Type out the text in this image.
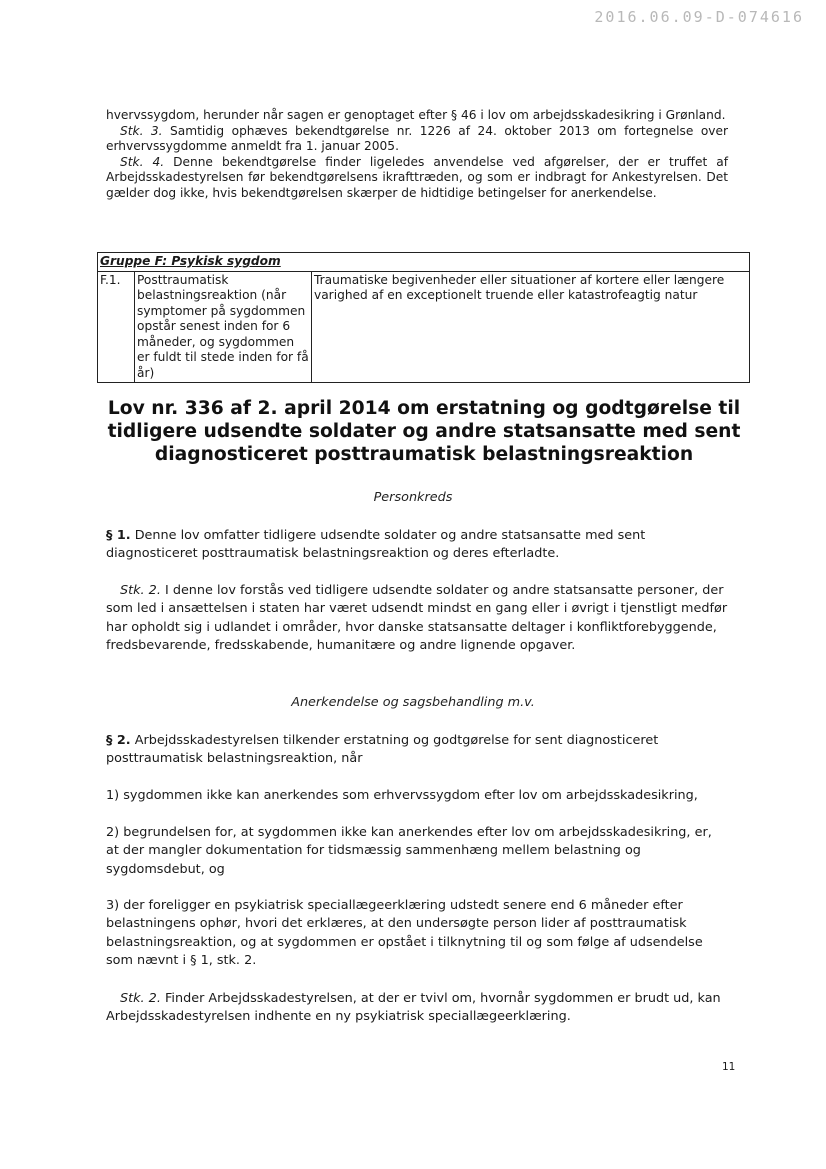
2016.06.09-D-074616

hvervssygdom, herunder når sagen er genoptaget efter § 46 i lov om arbejdsskadesikring i Grønland.

Stk. 3. Samtidig ophæves bekendtgørelse nr. 1226 af 24. oktober 2013 om fortegnelse over erhvervssygdomme anmeldt fra 1. januar 2005.

Stk. 4. Denne bekendtgørelse finder ligeledes anvendelse ved afgørelser, der er truffet af Arbejdsskadestyrelsen før bekendtgørelsens ikrafttræden, og som er indbragt for Ankestyrelsen. Det gælder dog ikke, hvis bekendtgørelsen skærper de hidtidige betingelser for anerkendelse.

Gruppe F: Psykisk sygdom
F.1.	Posttraumatisk belastningsreaktion (når symptomer på sygdommen opstår senest inden for 6 måneder, og sygdommen er fuldt til stede inden for få år)	Traumatiske begivenheder eller situationer af kortere eller længere varighed af en exceptionelt truende eller katastrofeagtig natur
Lov nr. 336 af 2. april 2014 om erstatning og godtgørelse til tidligere udsendte soldater og andre statsansatte med sent diagnosticeret posttraumatisk belastningsreaktion
Personkreds

§ 1. Denne lov omfatter tidligere udsendte soldater og andre statsansatte med sent diagnosticeret posttraumatisk belastningsreaktion og deres efterladte.

Stk. 2. I denne lov forstås ved tidligere udsendte soldater og andre statsansatte personer, der som led i ansættelsen i staten har været udsendt mindst en gang eller i øvrigt i tjenstligt medfør har opholdt sig i udlandet i områder, hvor danske statsansatte deltager i konfliktforebyggende, fredsbevarende, fredsskabende, humanitære og andre lignende opgaver.

Anerkendelse og sagsbehandling m.v.

§ 2. Arbejdsskadestyrelsen tilkender erstatning og godtgørelse for sent diagnosticeret posttraumatisk belastningsreaktion, når

1) sygdommen ikke kan anerkendes som erhvervssygdom efter lov om arbejdsskadesikring,

2) begrundelsen for, at sygdommen ikke kan anerkendes efter lov om arbejdsskadesikring, er, at der mangler dokumentation for tidsmæssig sammenhæng mellem belastning og sygdomsdebut, og

3) der foreligger en psykiatrisk speciallægeerklæring udstedt senere end 6 måneder efter belastningens ophør, hvori det erklæres, at den undersøgte person lider af posttraumatisk belastningsreaktion, og at sygdommen er opstået i tilknytning til og som følge af udsendelse som nævnt i § 1, stk. 2.

Stk. 2. Finder Arbejdsskadestyrelsen, at der er tvivl om, hvornår sygdommen er brudt ud, kan Arbejdsskadestyrelsen indhente en ny psykiatrisk speciallægeerklæring.

11
